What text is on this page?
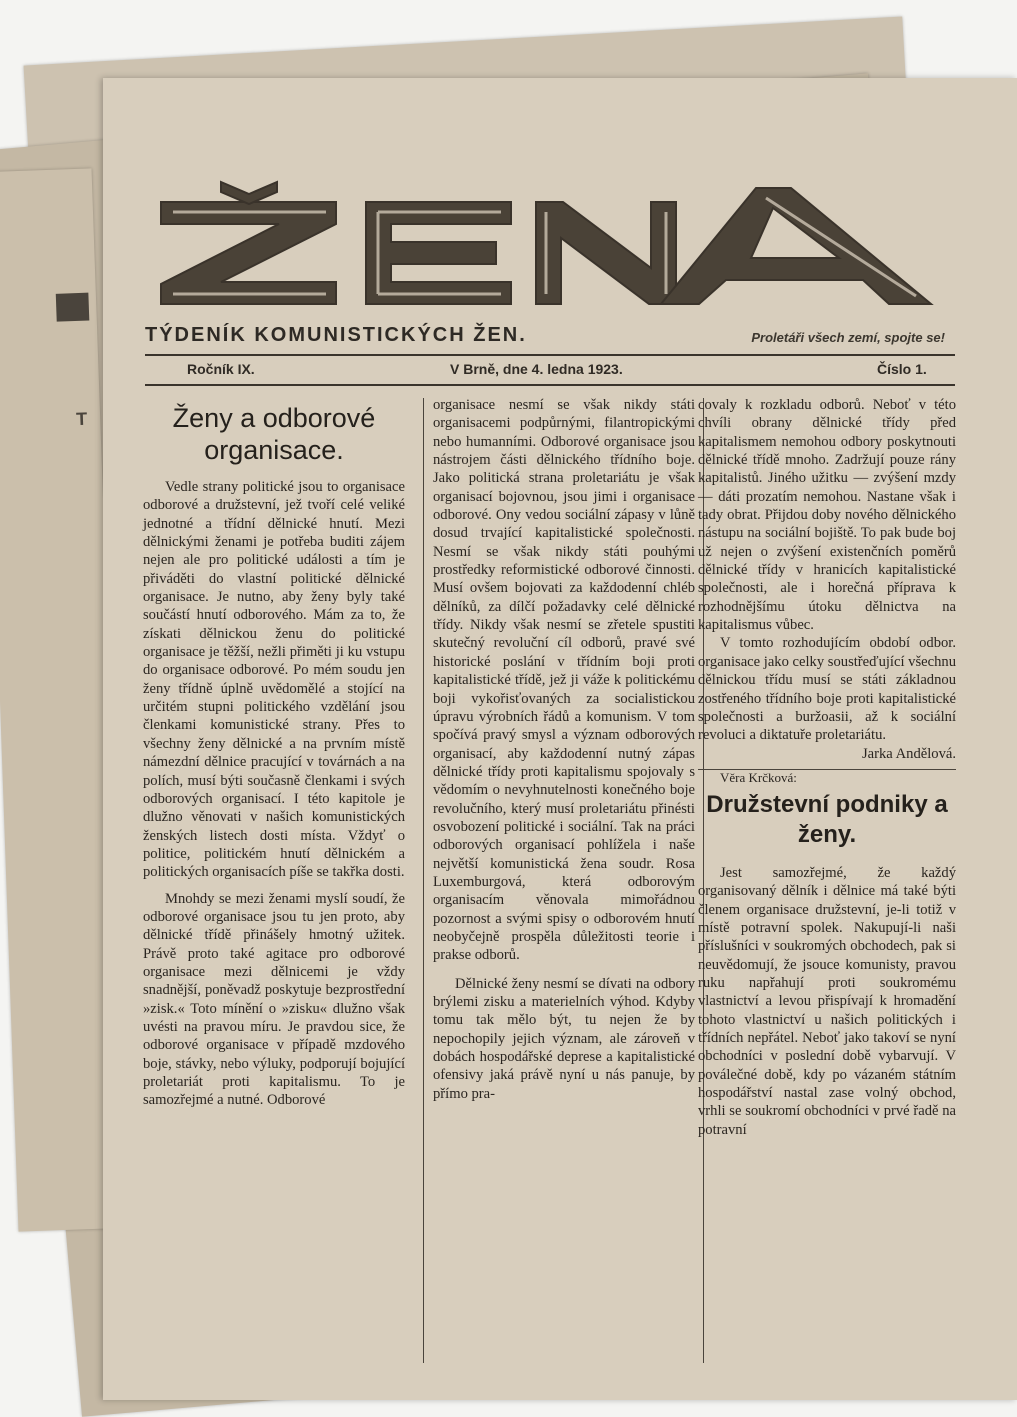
▄
T
TÝDENÍK KOMUNISTICKÝCH ŽEN.	Proletáři všech zemí, spojte se!
Ročník IX.	V Brně, dne 4. ledna 1923.	Číslo 1.
Ženy a odborové organisace.

Vedle strany politické jsou to organisace odborové a družstevní, jež tvoří celé veliké jednotné a třídní dělnické hnutí. Mezi dělnickými ženami je potřeba buditi zájem nejen ale pro politické události a tím je přiváděti do vlastní politické dělnické organisace. Je nutno, aby ženy byly také součástí hnutí odborového. Mám za to, že získati dělnickou ženu do politické organisace je těžší, nežli přiměti ji ku vstupu do organisace odborové. Po mém soudu jen ženy třídně úplně uvědomělé a stojící na určitém stupni politického vzdělání jsou členkami komunistické strany. Přes to všechny ženy dělnické a na prvním místě námezdní dělnice pracující v továrnách a na polích, musí býti současně členkami i svých odborových organisací. I této kapitole je dlužno věnovati v našich komunistických ženských listech dosti místa. Vždyť o politice, politickém hnutí dělnickém a politických organisacích píše se takřka dosti.

Mnohdy se mezi ženami myslí soudí, že odborové organisace jsou tu jen proto, aby dělnické třídě přinášely hmotný užitek. Právě proto také agitace pro odborové organisace mezi dělnicemi je vždy snadnější, poněvadž poskytuje bezprostřední »zisk.« Toto mínění o »zisku« dlužno však uvésti na pravou míru. Je pravdou sice, že odborové organisace v případě mzdového boje, stávky, nebo výluky, podporují bojující proletariát proti kapitalismu. To je samozřejmé a nutné. Odborové

organisace nesmí se však nikdy státi organisacemi podpůrnými, filantropickými nebo humanními. Odborové organisace jsou nástrojem části dělnického třídního boje. Jako politická strana proletariátu je však organisací bojovnou, jsou jimi i organisace odborové. Ony vedou sociální zápasy v lůně dosud trvající kapitalistické společnosti. Nesmí se však nikdy státi pouhými prostředky reformistické odborové činnosti. Musí ovšem bojovati za každodenní chléb dělníků, za dílčí požadavky celé dělnické třídy. Nikdy však nesmí se zřetele spustiti skutečný revoluční cíl odborů, pravé své historické poslání v třídním boji proti kapitalistické třídě, jež ji váže k politickému boji vykořisťovaných za socialistickou úpravu výrobních řádů a komunism. V tom spočívá pravý smysl a význam odborových organisací, aby každodenní nutný zápas dělnické třídy proti kapitalismu spojovaly s vědomím o nevyhnutelnosti konečného boje revolučního, který musí proletariátu přinésti osvobození politické i sociální. Tak na práci odborových organisací pohlížela i naše největší komunistická žena soudr. Rosa Luxemburgová, která odborovým organisacím věnovala mimořádnou pozornost a svými spisy o odborovém hnutí neobyčejně prospěla důležitosti teorie i prakse odborů.

Dělnické ženy nesmí se dívati na odbory brýlemi zisku a materielních výhod. Kdyby tomu tak mělo být, tu nejen že by nepochopily jejich význam, ale zároveň v dobách hospodářské deprese a kapitalistické ofensivy jaká právě nyní u nás panuje, by přímo pra-

covaly k rozkladu odborů. Neboť v této chvíli obrany dělnické třídy před kapitalismem nemohou odbory poskytnouti dělnické třídě mnoho. Zadržují pouze rány kapitalistů. Jiného užitku — zvýšení mzdy — dáti prozatím nemohou. Nastane však i tady obrat. Přijdou doby nového dělnického nástupu na sociální bojiště. To pak bude boj už nejen o zvýšení existenčních poměrů dělnické třídy v hranicích kapitalistické společnosti, ale i horečná příprava k rozhodnějšímu útoku dělnictva na kapitalismus vůbec.

V tomto rozhodujícím období odbor. organisace jako celky soustřeďující všechnu dělnickou třídu musí se státi základnou zostřeného třídního boje proti kapitalistické společnosti a buržoasii, až k sociální revoluci a diktatuře proletariátu.

Jarka Andělová.

Věra Krčková:

Družstevní podniky a ženy.

Jest samozřejmé, že každý organisovaný dělník i dělnice má také býti členem organisace družstevní, je-li totiž v místě potravní spolek. Nakupují-li naši příslušníci v soukromých obchodech, pak si neuvědomují, že jsouce komunisty, pravou ruku napřahují proti soukromému vlastnictví a levou přispívají k hromadění tohoto vlastnictví u našich politických i třídních nepřátel. Neboť jako takoví se nyní obchodníci v poslední době vybarvují. V poválečné době, kdy po vázaném státním hospodářství nastal zase volný obchod, vrhli se soukromí obchodníci v prvé řadě na potravní
